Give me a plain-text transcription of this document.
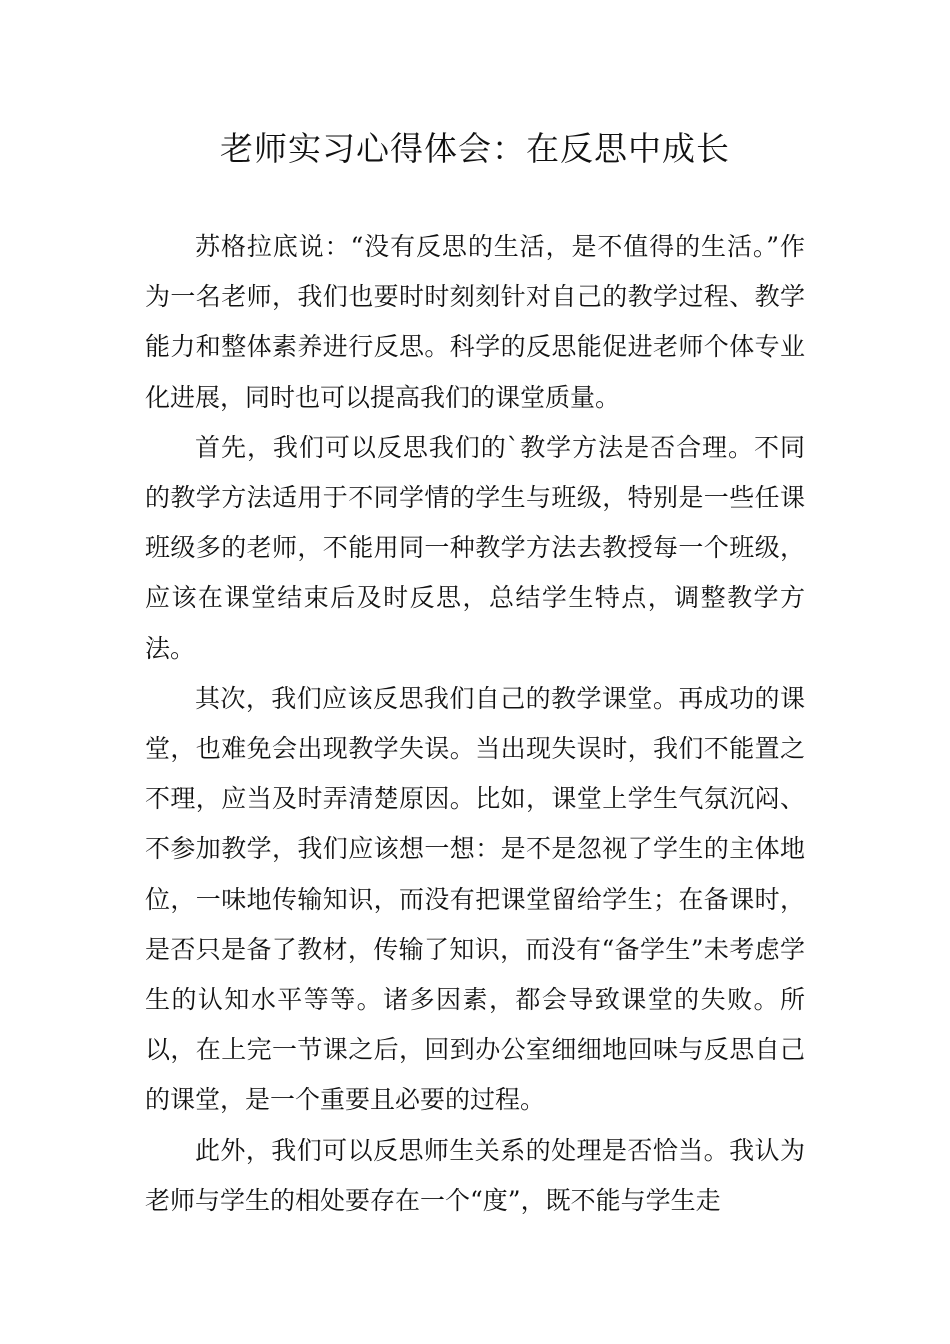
老师实习心得体会：在反思中成长

苏格拉底说：“没有反思的生活，是不值得的生活。”作为一名老师，我们也要时时刻刻针对自己的教学过程、教学能力和整体素养进行反思。科学的反思能促进老师个体专业化进展，同时也可以提高我们的课堂质量。

首先，我们可以反思我们的`教学方法是否合理。不同的教学方法适用于不同学情的学生与班级，特别是一些任课班级多的老师，不能用同一种教学方法去教授每一个班级，应该在课堂结束后及时反思，总结学生特点，调整教学方法。

其次，我们应该反思我们自己的教学课堂。再成功的课堂，也难免会出现教学失误。当出现失误时，我们不能置之不理，应当及时弄清楚原因。比如，课堂上学生气氛沉闷、不参加教学，我们应该想一想：是不是忽视了学生的主体地位，一味地传输知识，而没有把课堂留给学生；在备课时，是否只是备了教材，传输了知识，而没有“备学生”未考虑学生的认知水平等等。诸多因素，都会导致课堂的失败。所以，在上完一节课之后，回到办公室细细地回味与反思自己的课堂，是一个重要且必要的过程。

此外，我们可以反思师生关系的处理是否恰当。我认为老师与学生的相处要存在一个“度”，既不能与学生走
